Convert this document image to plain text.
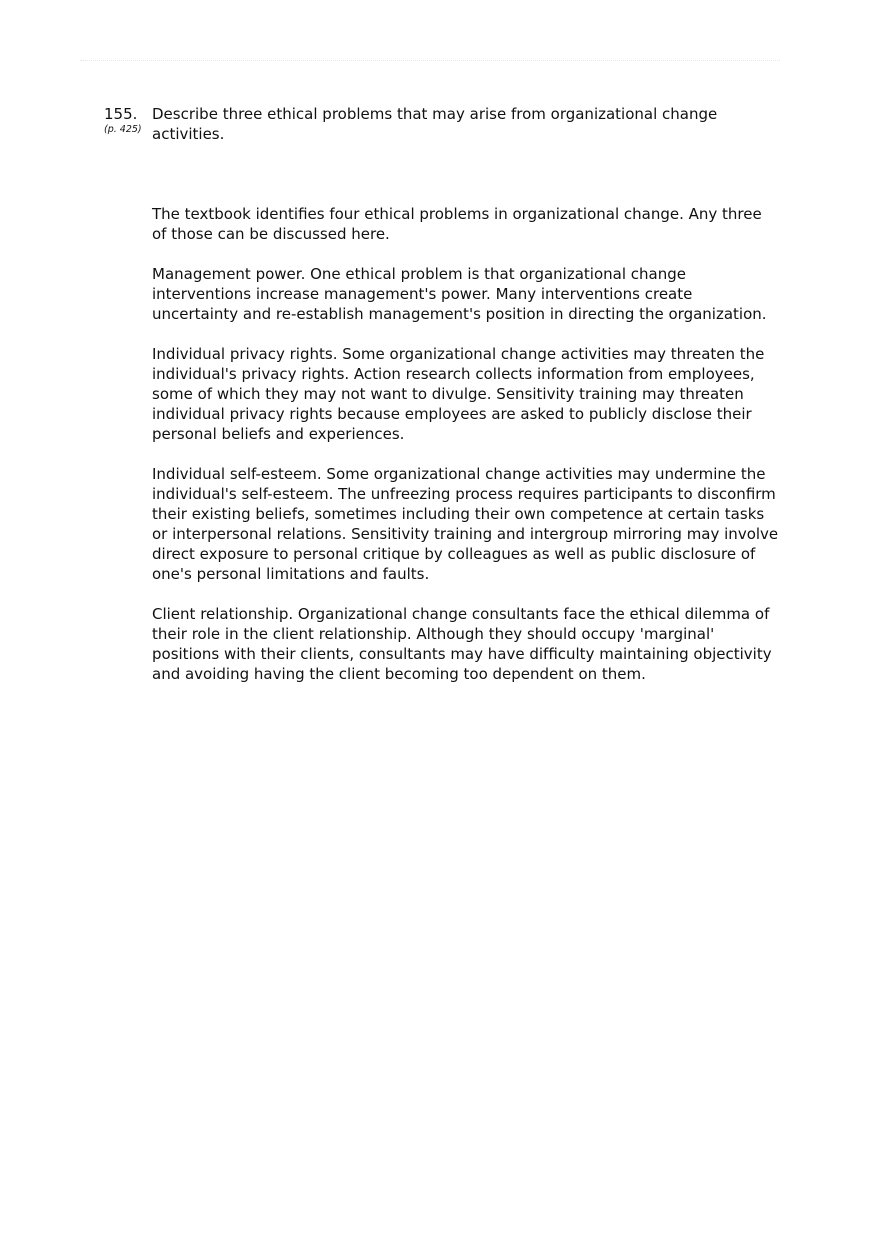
155.
(p. 425)
Describe three ethical problems that may arise from organizational change activities.

The textbook identifies four ethical problems in organizational change. Any three of those can be discussed here.

Management power. One ethical problem is that organizational change interventions increase management's power. Many interventions create uncertainty and re-establish management's position in directing the organization.

Individual privacy rights. Some organizational change activities may threaten the individual's privacy rights. Action research collects information from employees, some of which they may not want to divulge. Sensitivity training may threaten individual privacy rights because employees are asked to publicly disclose their personal beliefs and experiences.

Individual self-esteem. Some organizational change activities may undermine the individual's self-esteem. The unfreezing process requires participants to disconfirm their existing beliefs, sometimes including their own competence at certain tasks or interpersonal relations. Sensitivity training and intergroup mirroring may involve direct exposure to personal critique by colleagues as well as public disclosure of one's personal limitations and faults.

Client relationship. Organizational change consultants face the ethical dilemma of their role in the client relationship. Although they should occupy 'marginal' positions with their clients, consultants may have difﬁculty maintaining objectivity and avoiding having the client becoming too dependent on them.
